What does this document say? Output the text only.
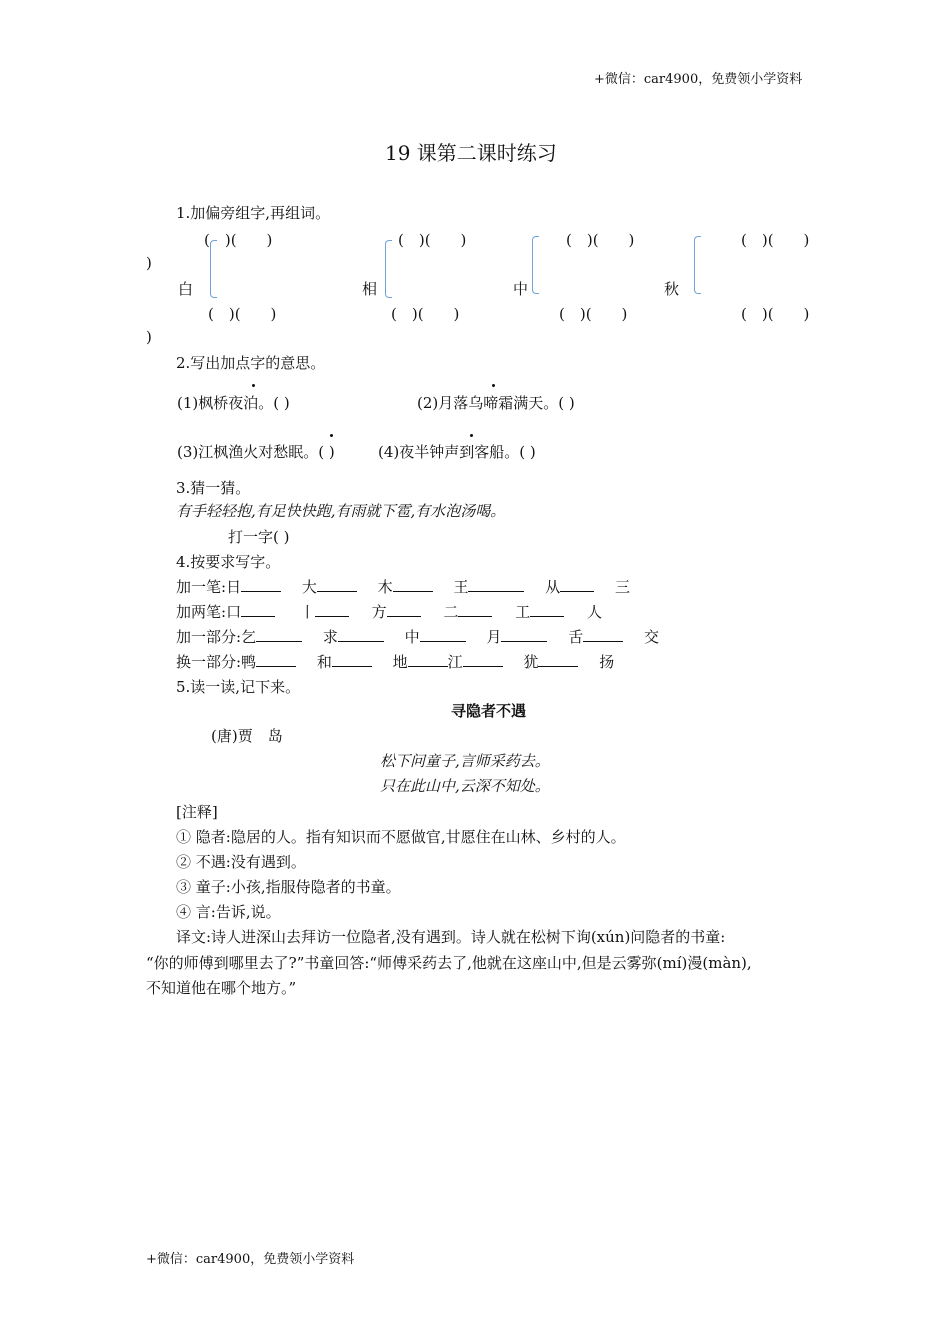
+微信：car4900，免费领小学资料
19 课第二课时练习
1.加偏旁组字,再组词。
(　)(　　)	(　)(　　)	(　)(　　)	(　)(　　)
)
白	相	中	秋
(　)(　　)	(　)(　　)	(　)(　　)	(　)(　　)
)
2.写出加点字的意思。
(1)枫桥夜泊。( )	(2)月落乌啼霜满天。( )
(3)江枫渔火对愁眠。( )	(4)夜半钟声到客船。( )
3.猜一猜。
有手轻轻抱,有足快快跑,有雨就下雹,有水泡汤喝。
打一字( )
4.按要求写字。
加一笔:日	大	木	王	从	三
加两笔:口	丨	方	二	工	人
加一部分:乞	求	中	月	舌	交
换一部分:鸭	和	地	江	犹	扬
5.读一读,记下来。
寻隐者不遇
(唐)贾　岛
松下问童子,言师采药去。
只在此山中,云深不知处。
[注释]
① 隐者:隐居的人。指有知识而不愿做官,甘愿住在山林、乡村的人。
② 不遇:没有遇到。
③ 童子:小孩,指服侍隐者的书童。
④ 言:告诉,说。
译文:诗人进深山去拜访一位隐者,没有遇到。诗人就在松树下询(xún)问隐者的书童:
“你的师傅到哪里去了?”书童回答:“师傅采药去了,他就在这座山中,但是云雾弥(mí)漫(màn),
不知道他在哪个地方。”
+微信：car4900，免费领小学资料
